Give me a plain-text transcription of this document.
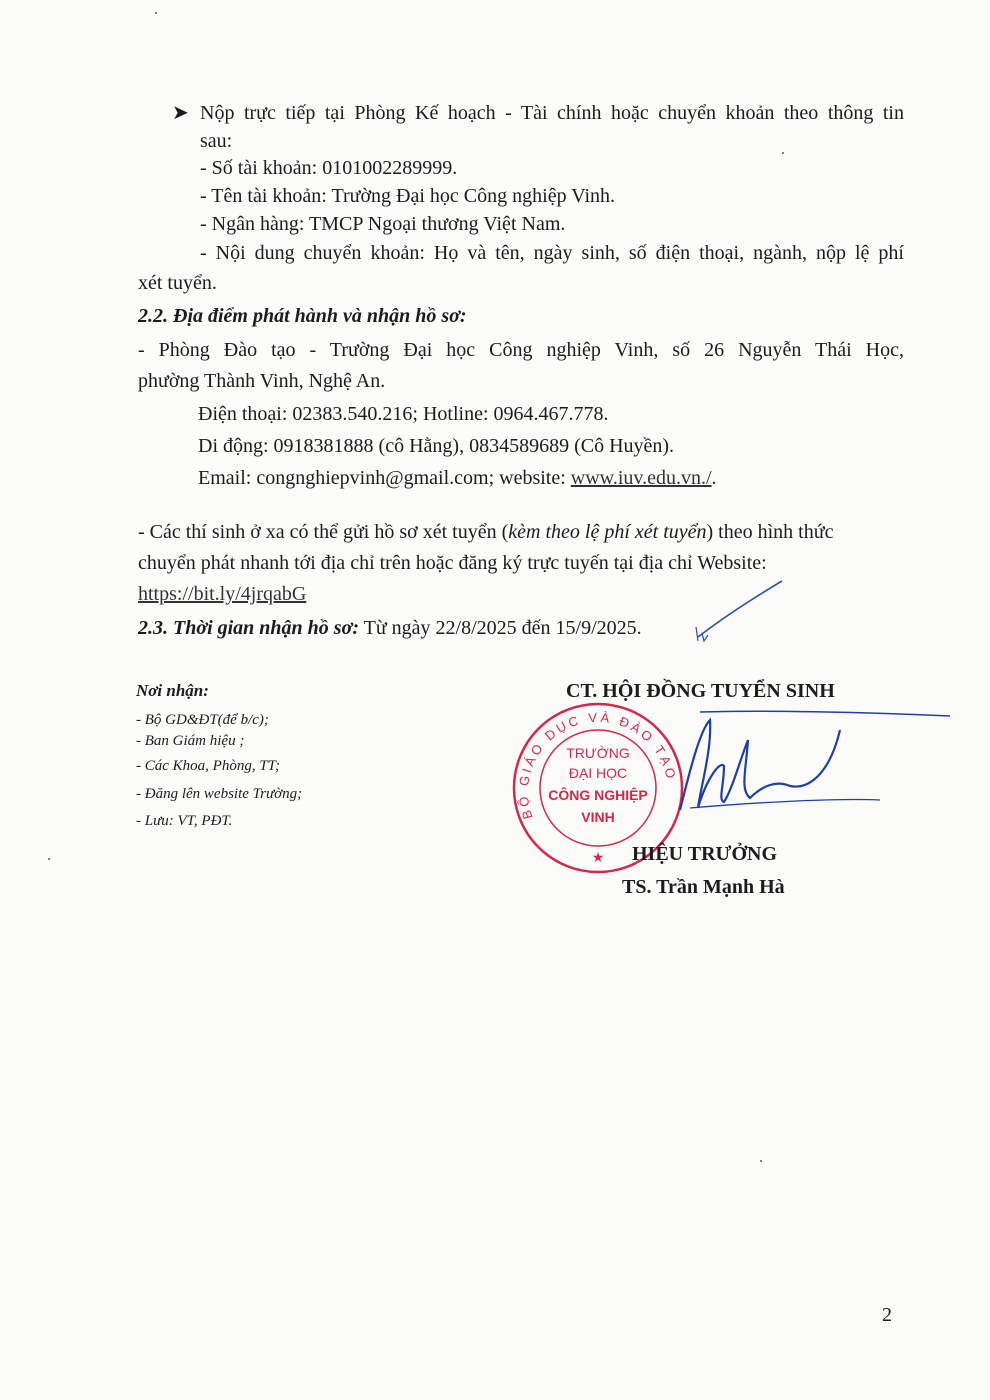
➤ Nộp trực tiếp tại Phòng Kế hoạch - Tài chính hoặc chuyển khoản theo thông tin
sau:
- Số tài khoản: 0101002289999.
- Tên tài khoản: Trường Đại học Công nghiệp Vinh.
- Ngân hàng: TMCP Ngoại thương Việt Nam.
- Nội dung chuyển khoản: Họ và tên, ngày sinh, số điện thoại, ngành, nộp lệ phí
xét tuyển.
2.2. Địa điểm phát hành và nhận hồ sơ:
- Phòng Đào tạo - Trường Đại học Công nghiệp Vinh, số 26 Nguyễn Thái Học,
phường Thành Vinh, Nghệ An.
Điện thoại: 02383.540.216; Hotline: 0964.467.778.
Di động: 0918381888 (cô Hằng), 0834589689 (Cô Huyền).
Email: congnghiepvinh@gmail.com; website: www.iuv.edu.vn./.
- Các thí sinh ở xa có thể gửi hồ sơ xét tuyển (kèm theo lệ phí xét tuyển) theo hình thức
chuyển phát nhanh tới địa chỉ trên hoặc đăng ký trực tuyến tại địa chỉ Website:
https://bit.ly/4jrqabG
2.3. Thời gian nhận hồ sơ: Từ ngày 22/8/2025 đến 15/9/2025.
Nơi nhận:
- Bộ GD&ĐT(để b/c);
- Ban Giám hiệu ;
- Các Khoa, Phòng, TT;
- Đăng lên website Trường;
- Lưu: VT, PĐT.
CT. HỘI ĐỒNG TUYỂN SINH
BỘ GIÁO DỤC VÀ ĐÀO TẠO
TRƯỜNG
ĐẠI HỌC
CÔNG NGHIỆP
VINH
★ HIỆU TRƯỞNG
TS. Trần Mạnh Hà
2
